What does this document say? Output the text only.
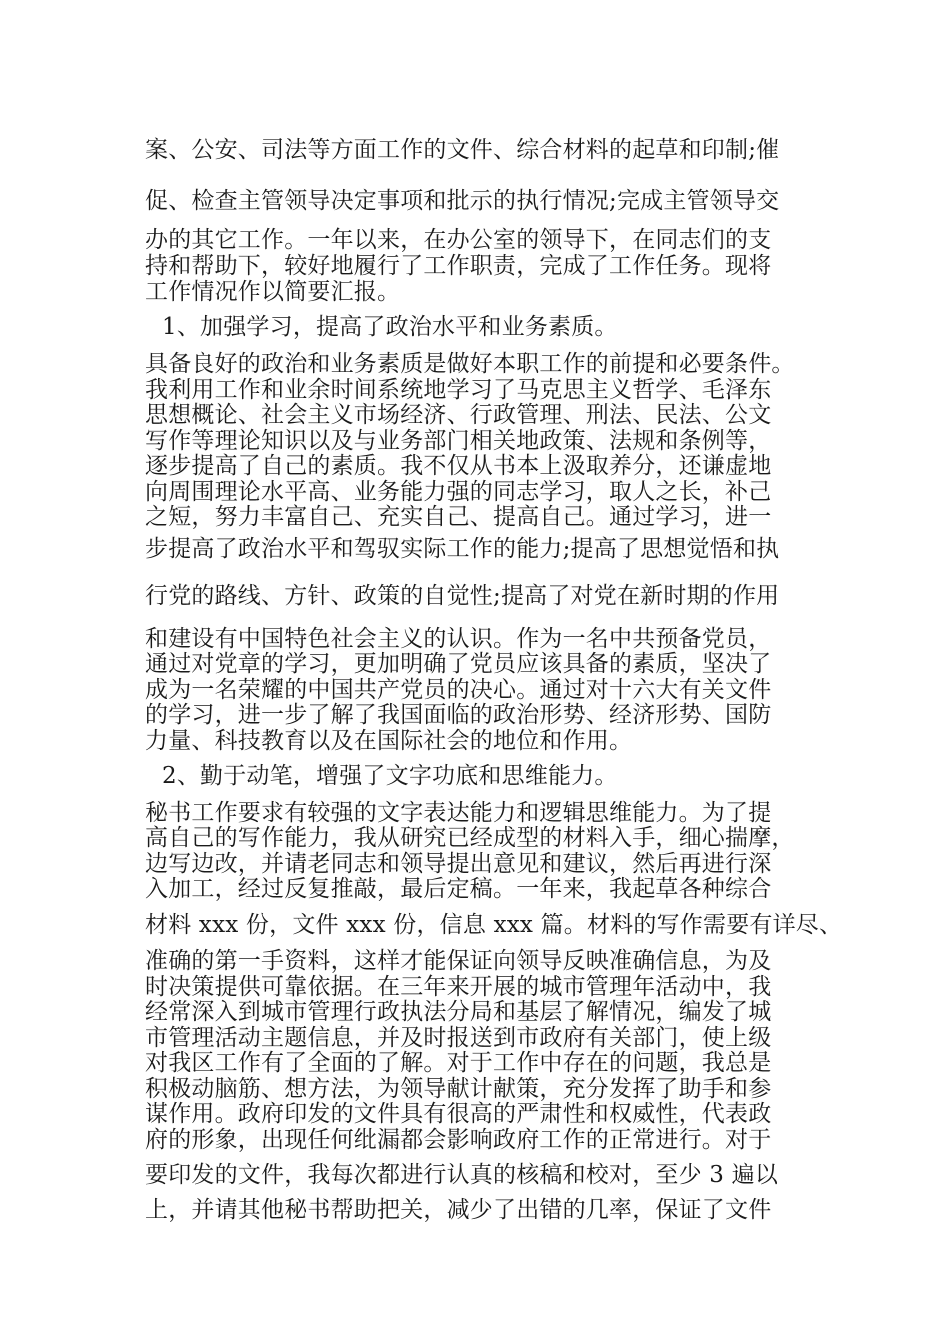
案、公安、司法等方面工作的文件、综合材料的起草和印制;催
促、检查主管领导决定事项和批示的执行情况;完成主管领导交
办的其它工作。一年以来，在办公室的领导下，在同志们的支
持和帮助下，较好地履行了工作职责，完成了工作任务。现将
工作情况作以简要汇报。
1、加强学习，提高了政治水平和业务素质。
具备良好的政治和业务素质是做好本职工作的前提和必要条件。
我利用工作和业余时间系统地学习了马克思主义哲学、毛泽东
思想概论、社会主义市场经济、行政管理、刑法、民法、公文
写作等理论知识以及与业务部门相关地政策、法规和条例等，
逐步提高了自己的素质。我不仅从书本上汲取养分，还谦虚地
向周围理论水平高、业务能力强的同志学习，取人之长，补己
之短，努力丰富自己、充实自己、提高自己。通过学习，进一
步提高了政治水平和驾驭实际工作的能力;提高了思想觉悟和执
行党的路线、方针、政策的自觉性;提高了对党在新时期的作用
和建设有中国特色社会主义的认识。作为一名中共预备党员，
通过对党章的学习，更加明确了党员应该具备的素质，坚决了
成为一名荣耀的中国共产党员的决心。通过对十六大有关文件
的学习，进一步了解了我国面临的政治形势、经济形势、国防
力量、科技教育以及在国际社会的地位和作用。
2、勤于动笔，增强了文字功底和思维能力。
秘书工作要求有较强的文字表达能力和逻辑思维能力。为了提
高自己的写作能力，我从研究已经成型的材料入手，细心揣摩，
边写边改，并请老同志和领导提出意见和建议，然后再进行深
入加工，经过反复推敲，最后定稿。一年来，我起草各种综合
材料 xxx 份，文件 xxx 份，信息 xxx 篇。材料的写作需要有详尽、
准确的第一手资料，这样才能保证向领导反映准确信息，为及
时决策提供可靠依据。在三年来开展的城市管理年活动中，我
经常深入到城市管理行政执法分局和基层了解情况，编发了城
市管理活动主题信息，并及时报送到市政府有关部门，使上级
对我区工作有了全面的了解。对于工作中存在的问题，我总是
积极动脑筋、想方法，为领导献计献策，充分发挥了助手和参
谋作用。政府印发的文件具有很高的严肃性和权威性，代表政
府的形象，出现任何纰漏都会影响政府工作的正常进行。对于
要印发的文件，我每次都进行认真的核稿和校对，至少 3 遍以
上，并请其他秘书帮助把关，减少了出错的几率，保证了文件
